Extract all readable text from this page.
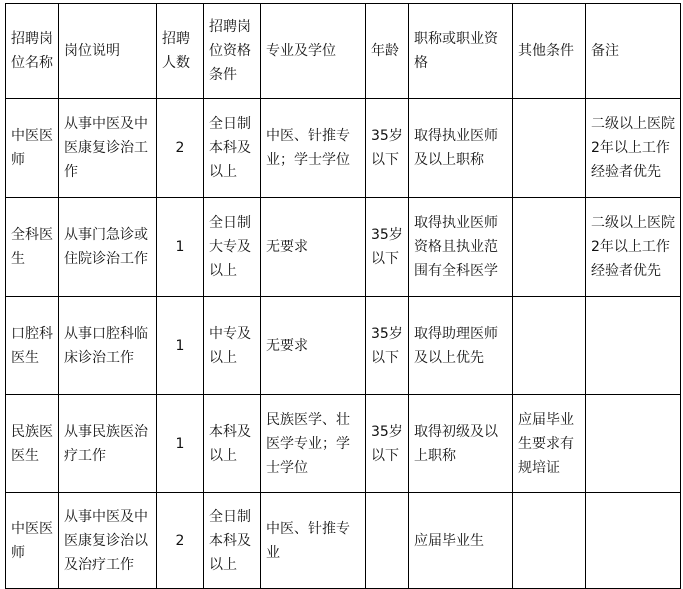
招聘岗位名称	岗位说明	招聘人数	招聘岗位资格条件	专业及学位	年龄	职称或职业资格	其他条件	备注
中医医师	从事中医及中医康复诊治工作	2	全日制本科及以上	中医、针推专业；学士学位	35岁以下	取得执业医师及以上职称		二级以上医院2年以上工作经验者优先
全科医生	从事门急诊或住院诊治工作	1	全日制大专及以上	无要求	35岁以下	取得执业医师资格且执业范围有全科医学		二级以上医院2年以上工作经验者优先
口腔科医生	从事口腔科临床诊治工作	1	中专及以上	无要求	35岁以下	取得助理医师及以上优先		
民族医医生	从事民族医治疗工作	1	本科及以上	民族医学、壮医学专业；学士学位	35岁以下	取得初级及以上职称	应届毕业生要求有规培证	
中医医师	从事中医及中医康复诊治以及治疗工作	2	全日制本科及以上	中医、针推专业		应届毕业生		
